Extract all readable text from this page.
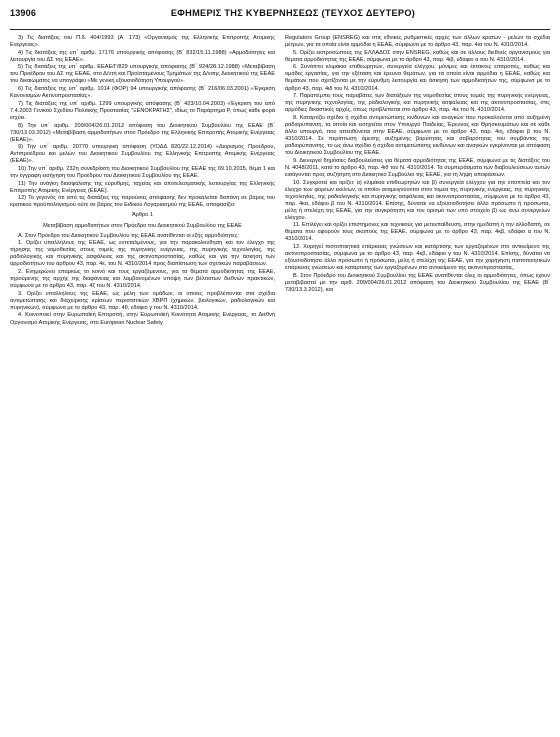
13906	ΕΦΗΜΕΡΙΣ ΤΗΣ ΚΥΒΕΡΝΗΣΕΩΣ (ΤΕΥΧΟΣ ΔΕΥΤΕΡΟ)

3) Τις διατάξεις του Π.δ. 404/1993 (Α΄ 173) «Οργανισμός της Ελληνικής Επιτροπής Ατομικής Ενέργειας».

4) Τις διατάξεις της υπ΄ αριθμ. 17176 υπουργικής απόφασης (Β΄ 832/15.11.1988) «Αρμοδιότητες και λειτουργία του ΔΣ της ΕΕΑΕ».

5) Τις διατάξεις της υπ΄ αριθμ. ΕΕΑΕ/Γ/829 υπουργικής απόφασης (Β΄ 924/28.12.1988) «Μεταβίβαση του Προέδρου του ΔΣ της ΕΕΑΕ, στο Δ/ντή και Προϊσταμένους Τμημάτων της Δ/νσης Διοικητικού της ΕΕΑΕ του δικαιώματος να υπογράφει «Με γενική εξουσιοδότηση Υπουργού».

6) Τις διατάξεις της υπ΄ αριθμ. 1014 (ΦΟΡ) 94 υπουργικής απόφασης (Β΄ 216/06.03.2001) «Έγκριση Κανονισμών Ακτινοπροστασίας».

7) Τις διατάξεις της υπ΄ αριθμ. 1299 υπουργικής απόφασης (Β΄ 423/10.04.2003) «Έγκριση του από 7.4.2003 Γενικού Σχεδίου Πολιτικής Προστασίας "ΞΕΝΟΚΡΑΤΗΣ", ιδίως το Παράρτημα Ρ, όπως κάθε φορά ισχύει.

8) Την υπ΄ αριθμ. 209/004/26.01.2012 απόφαση του Διοικητικού Συμβουλίου της ΕΕΑΕ (Β΄ 730/13.03.2012) «Μεταβίβαση αρμοδιοτήτων στον Πρόεδρο της Ελληνικής Επιτροπής Ατομικής Ενέργειας (ΕΕΑΕ)».

9) Την υπ΄ αριθμ. 20770 υπουργική απόφαση (ΥΟΔΔ 820/22.12.2014) «Διορισμός Προέδρου, Αντιπροέδρου και μελών του Διοικητικού Συμβουλίου της Ελληνικής Επιτροπής Ατομικής Ενέργειας (ΕΕΑΕ)».

10) Την υπ΄ αριθμ. 232η συνεδρίαση του Διοικητικού Συμβουλίου της ΕΕΑΕ της 09.10.2015, θέμα 1 και την έγγραφη εισήγηση του Προέδρου του Διοικητικού Συμβουλίου της ΕΕΑΕ.

11) Την ανάγκη διασφάλισης της εύρυθμης, ταχείας και αποτελεσματικής λειτουργίας της Ελληνικής Επιτροπής Ατομικής Ενέργειας (ΕΕΑΕ).

12) Το γεγονός ότι από τις διατάξεις της παρούσας απόφασης δεν προκαλείται δαπάνη σε βάρος του κρατικού προϋπολογισμού ούτε σε βάρος του Ειδικού Λογαριασμού της ΕΕΑΕ, αποφασίζει:

Άρθρο 1

Μεταβίβαση αρμοδιοτήτων στον Πρόεδρο του Διοικητικού Συμβουλίου της ΕΕΑΕ

Α. Στον Πρόεδρο του Διοικητικού Συμβουλίου της ΕΕΑΕ ανατίθενται οι εξής αρμοδιότητες:

1. Ορίζει υπαλλήλους της ΕΕΑΕ, ως εντεταλμένους, για την παρακολούθηση και τον έλεγχο της τήρησης της νομοθεσίας στους τομείς της πυρηνικής ενέργειας, της πυρηνικής τεχνολογίας, της ραδιολογικής και πυρηνικής ασφάλειας και της ακτινοπροστασίας, καθώς και για την άσκηση των αρμοδιοτήτων του άρθρου 43, παρ. 4ε, του Ν. 4310/2014 προς διαπίστωση των σχετικών παραβάσεων.

2. Ενημερώνει επαρκώς το κοινό και τους εργαζόμενους, για τα θέματα αρμοδιότητας της ΕΕΑΕ, τηρούμενης της αρχής της διαφάνειας και λαμβανομένων υπόψη των βέλτιστων διεθνών πρακτικών, σύμφωνα με το άρθρο 43, παρ. 4ζ του Ν. 4310/2014.

3. Ορίζει υπαλλήλους της ΕΕΑΕ, ως μέλη των ομάδων, οι οποίες προβλέπονται στα σχέδια αντιμετώπισης και διαχείρισης κρίσεων περιστατικών ΧΒΡΠ (χημικών, βιολογικών, ραδιολογικών και πυρηνικών), σύμφωνα με το άρθρο 43, παρ. 4θ, εδάφιο γ του Ν. 4310/2014.

4. Κοινοποιεί στην Ευρωπαϊκή Επιτροπή, στην Ευρωπαϊκή Κοινότητα Ατομικής Ενέργειας, το Διεθνή Οργανισμό Ατομικής Ενέργειας, στο European Nuclear Safety

Regulators Group (ENSREG) και στις εθνικές ρυθμιστικές αρχές των άλλων κρατών - μελών τα σχέδια μέτρων, για τα οποία είναι αρμόδια η ΕΕΑΕ, σύμφωνα με το άρθρο 43, παρ. 4ια του Ν. 4310/2014.

5. Ορίζει εκπροσώπους της ΕΛΛΑΔΟΣ στην ENSREG, καθώς και σε άλλους διεθνείς οργανισμούς για θέματα αρμοδιότητας της ΕΕΑΕ, σύμφωνα με το άρθρο 43, παρ. 4ιβ, εδάφιο α του Ν. 4310/2014.

6. Συνάπτει κλιμάκια επιθεωρητών, συνεργεία ελέγχου, μόνιμες και έκτακτες επιτροπές, καθώς και ομάδες εργασίας, για την εξέταση και έρευνα θεμάτων, για τα οποία είναι αρμόδια η ΕΕΑΕ, καθώς και θεμάτων που σχετίζονται με την εύρυθμη λειτουργία και άσκηση των αρμοδιοτήτων της, σύμφωνα με το άρθρο 43, παρ. 4ιδ του Ν. 4310/2014.

7. Παραπέμπει τους παραβάτες των διατάξεων της νομοθεσίας στους τομείς της πυρηνικής ενέργειας, της πυρηνικής τεχνολογίας, της ραδιολογικής και πυρηνικής ασφάλειας και της ακτινοπροστασίας, στις αρμόδιες δικαστικές αρχές, όπως προβλέπεται στο άρθρο 43, παρ. 4ιε του Ν. 4310/2014.

8. Καταρτίζει σχέδιο ή σχέδια αντιμετώπισης κινδύνων και αναγκών που προκαλούνται από αυξημένη ραδιορύπανση, τα οποία και εισηγείται στον Υπουργό Παιδείας, Έρευνας και Θρησκευμάτων και σε κάθε άλλο υπουργό, που απευθύνεται στην ΕΕΑΕ, σύμφωνα με το άρθρο 43, παρ. 4ιη, εδάφιο β του Ν. 4310/2014. Σε περίπτωση άμεσης αυξημένης βαρύτητας και σοβαρότητας του συμβάντος της ραδιορύπανσης, το ως άνω σχέδιο ή σχέδια αντιμετώπισης κινδύνων και αναγκών εγκρίνονται με απόφαση του Διοικητικού Συμβουλίου της ΕΕΑΕ.

9. Διενεργεί δημόσιες διαβουλεύσεις για θέματα αρμοδιότητας της ΕΕΑΕ, σύμφωνα με τις διατάξεις του Ν. 4048/2011, κατά το άρθρο 43, παρ. 4ιθ του Ν. 4310/2014. Τα συμπεράσματα των διαβουλεύσεων αυτών εισάγονται προς συζήτηση στο Διοικητικό Συμβούλιο της ΕΕΑΕ, για τη λήψη αποφάσεων.

10. Συγκροτεί και ορίζει: α) κλιμάκια επιθεωρητών και β) συνεργεία ελέγχου για την εποπτεία και τον έλεγχο των φορέων εκείνων, οι οποίοι αναμειγνύονται στον τομέα της πυρηνικής ενέργειας, της πυρηνικής τεχνολογίας, της ραδιολογικής και πυρηνικής ασφάλειας και ακτινοπροστασίας, σύμφωνα με το άρθρο 43, παρ. 4κα, εδάφιο β του Ν. 4310/2014. Επίσης, δύναται να εξουσιοδοτήσει άλλο πρόσωπο ή πρόσωπα, μέλη ή στελέχη της ΕΕΑΕ, για την συγκρότηση και τον ορισμό των υπό στοιχείο β) ως άνω συνεργείων ελέγχου.

11. Επιλέγει και ορίζει επιστήμονες και τεχνικούς για μετεκπαίδευση, στην ημεδαπή ή την αλλοδαπή, σε θέματα που αφορούν τους σκοπούς της ΕΕΑΕ, σύμφωνα με το άρθρο 43, παρ. 4κβ, εδάφιο α του Ν. 4310/2014.

12. Χορηγεί πιστοποιητικά επάρκειας γνώσεων και κατάρτισης των εργαζομένων στο αντικείμενο της ακτινοπροστασίας, σύμφωνα με το άρθρο 43, παρ. 4κβ, εδάφιο γ του Ν. 4310/2014. Επίσης, δύναται να εξουσιοδοτήσει άλλο πρόσωπο ή πρόσωπα, μέλη ή στελέχη της ΕΕΑΕ, για την χορήγηση πιστοποιητικών επάρκειας γνώσεων και κατάρτισης των εργαζομένων στο αντικείμενο της ακτινοπροστασίας.

Β. Στον Πρόεδρο του Διοικητικού Συμβουλίου της ΕΕΑΕ ανατίθενται όλες οι αρμοδιότητες, όπως έχουν μεταβιβαστεί με την αριθ. 209/004/26.01.2012 απόφαση του Διοικητικού Συμβουλίου της ΕΕΑΕ (Β΄ 730/13.3.2012), και
